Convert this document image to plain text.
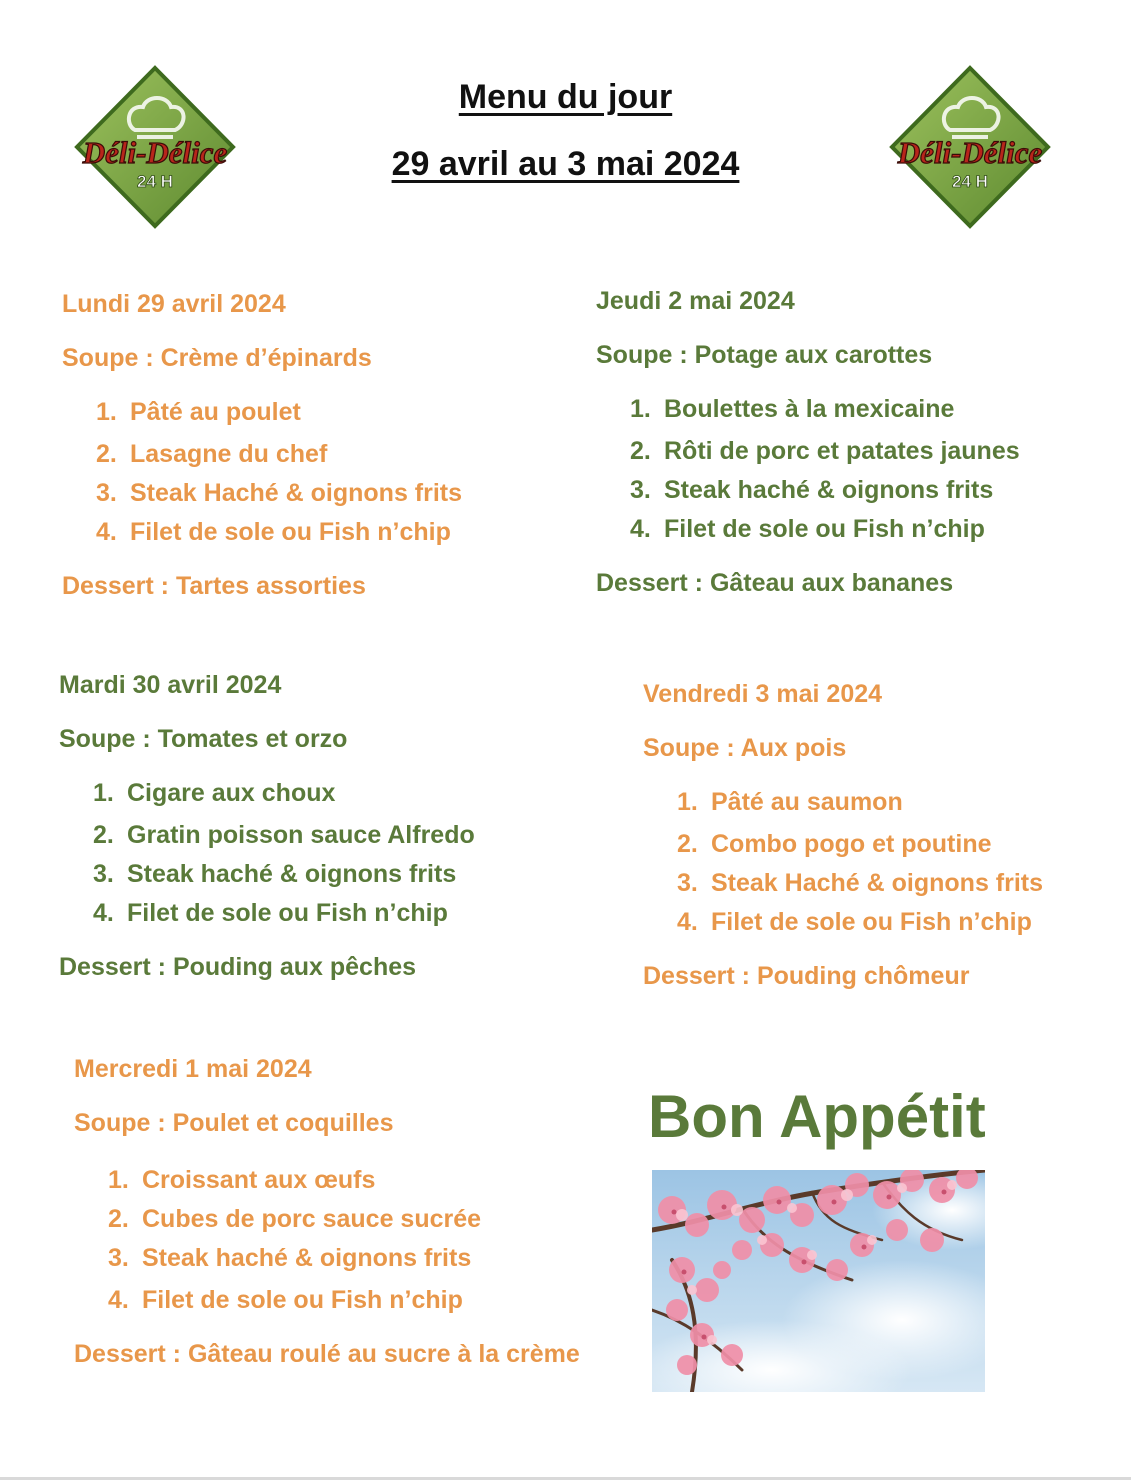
Déli-Délice
24 H
Déli-Délice
24 H
Menu du jour
29 avril au 3 mai 2024
Lundi 29 avril 2024
Soupe : Crème d’épinards
1. Pâté au poulet
2. Lasagne du chef
3. Steak Haché & oignons frits
4. Filet de sole ou Fish n’chip
Dessert : Tartes assorties
Jeudi 2 mai 2024
Soupe : Potage aux carottes
1. Boulettes à la mexicaine
2. Rôti de porc et patates jaunes
3. Steak haché & oignons frits
4. Filet de sole ou Fish n’chip
Dessert : Gâteau aux bananes
Mardi 30 avril 2024
Soupe : Tomates et orzo
1. Cigare aux choux
2. Gratin poisson sauce Alfredo
3. Steak haché & oignons frits
4. Filet de sole ou Fish n’chip
Dessert : Pouding aux pêches
Vendredi 3 mai 2024
Soupe : Aux pois
1. Pâté au saumon
2. Combo pogo et poutine
3. Steak Haché & oignons frits
4. Filet de sole ou Fish n’chip
Dessert : Pouding chômeur
Mercredi 1 mai 2024
Soupe : Poulet et coquilles
1. Croissant aux œufs
2. Cubes de porc sauce sucrée
3. Steak haché & oignons frits
4. Filet de sole ou Fish n’chip
Dessert : Gâteau roulé au sucre à la crème
Bon Appétit
